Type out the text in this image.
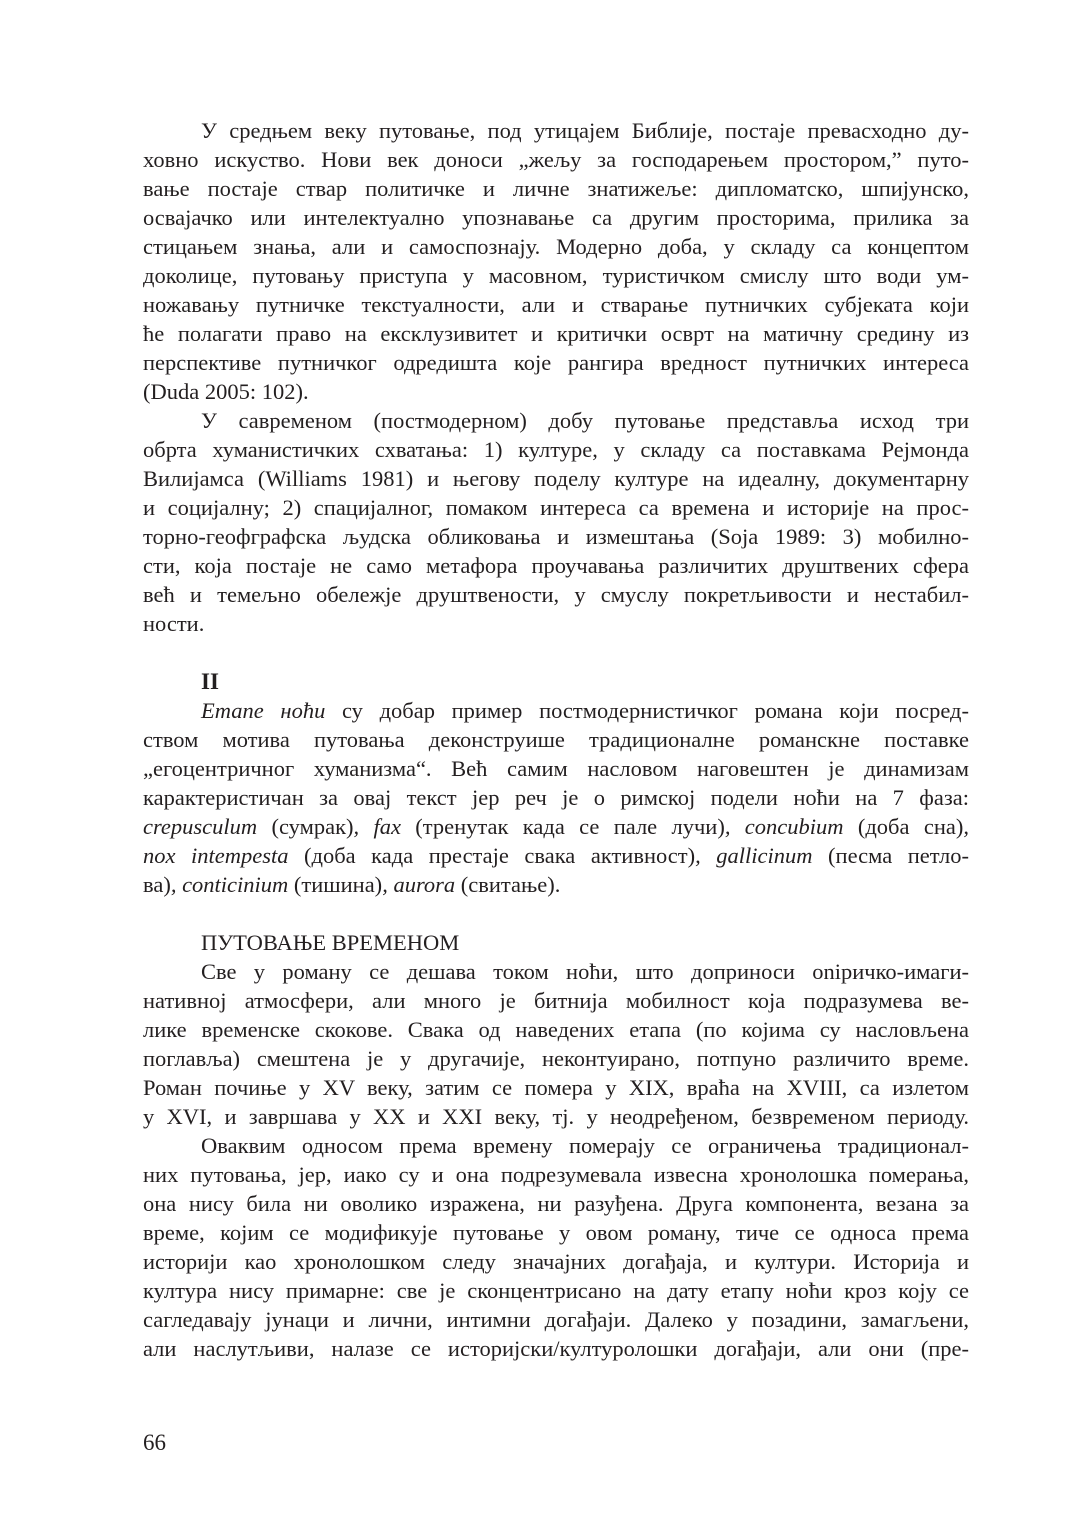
У средњем веку путовање, под утицајем Библије, постаје превасходно ду-
ховно искуство. Нови век доноси „жељу за господарењем простором,” путо-
вање постаје ствар политичке и личне знатижеље: дипломатско, шпијунско,
освајачко или интелектуално упознавање са другим просторима, прилика за
стицањем знања, али и самоспознају. Модерно доба, у складу са концептом
доколице, путовању приступа у масовном, туристичком смислу што води ум-
ножавању путничке текстуалности, али и стварање путничких субјеката који
ће полагати право на ексклузивитет и критички осврт на матичну средину из
перспективе путничког одредишта које рангира вредност путничких интереса
(Duda 2005: 102).
У савременом (постмодерном) добу путовање представља исход три
обрта хуманистичких схватања: 1) културе, у складу са поставкама Рејмонда
Вилијамса (Williams 1981) и његову поделу културе на идеалну, документарну
и социјалну; 2) спацијалног, помаком интереса са времена и историје на прос-
торно-геофграфска људска обликовања и измештања (Soja 1989: 3) мобилно-
сти, која постаје не само метафора проучавања различитих друштвених сфера
већ и темељно обележје друштвености, у смуслу покретљивости и нестабил-
ности.
II
Етапе ноћи су добар пример постмодернистичког романа који посред-
ством мотива путовања деконструише традиционалне романскне поставке
„егоцентричног хуманизма“. Већ самим насловом наговештен је динамизам
карактеристичан за овај текст јер реч је о римској подели ноћи на 7 фаза:
crepusculum (сумрак), fax (тренутак када се пале лучи), concubium (доба сна),
nox intempesta (доба када престаје свака активност), gallicinum (песма петло-
ва), conticinium (тишина), aurora (свитање).
ПУТОВАЊЕ ВРЕМЕНОМ
Све у роману се дешава током ноћи, што доприноси оniричко-имаги-
нативној атмосфери, али много је битнија мобилност која подразумева ве-
лике временске скокове. Свака од наведених етапа (по којима су насловљена
поглавља) смештена је у другачије, неконтуирано, потпуно различито време.
Роман почиње у XV веку, затим се помера у XIX, враћа на XVIII, са излетом
у XVI, и завршава у XX и XXI веку, тј. у неодређеном, безвременом периоду.
Оваквим односом према времену померају се ограничења традиционал-
них путовања, јер, иако су и она подрезумевала извесна хронолошка померања,
она нису била ни оволико изражена, ни разуђена. Друга компонента, везана за
време, којим се модификује путовање у овом роману, тиче се односа према
историји као хронолошком следу значајних догађаја, и култури. Историја и
култура нису примарне: све је сконцентрисано на дату етапу ноћи кроз коју се
сагледавају јунаци и лични, интимни догађаји. Далеко у позадини, замагљени,
али наслутљиви, налазе се историјски/културолошки догађаји, али они (пре-
66
